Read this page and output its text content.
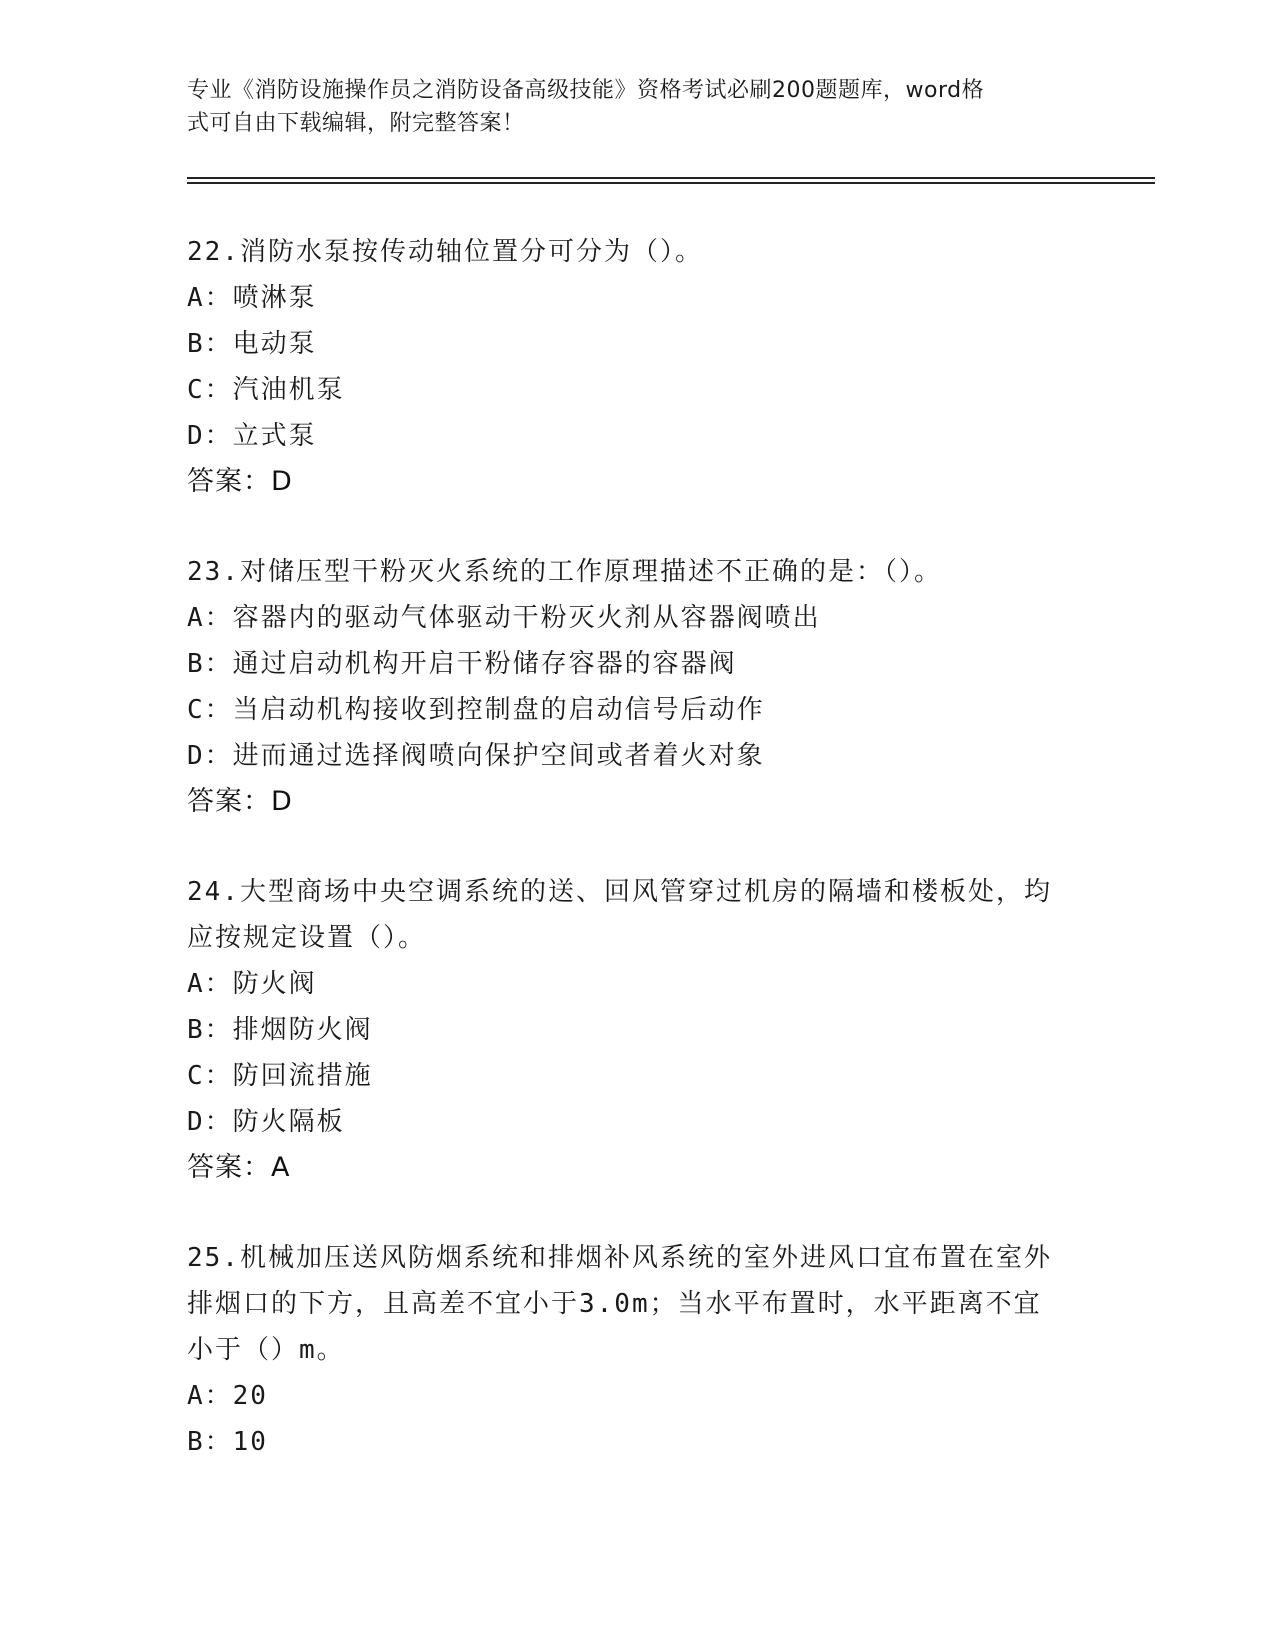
专业《消防设施操作员之消防设备高级技能》资格考试必刷200题题库，word格
式可自由下载编辑，附完整答案！

22.消防水泵按传动轴位置分可分为（）。

A：喷淋泵

B：电动泵

C：汽油机泵

D：立式泵

答案：D

23.对储压型干粉灭火系统的工作原理描述不正确的是：（）。

A：容器内的驱动气体驱动干粉灭火剂从容器阀喷出

B：通过启动机构开启干粉储存容器的容器阀

C：当启动机构接收到控制盘的启动信号后动作

D：进而通过选择阀喷向保护空间或者着火对象

答案：D

24.大型商场中央空调系统的送、回风管穿过机房的隔墙和楼板处，均
应按规定设置（）。

A：防火阀

B：排烟防火阀

C：防回流措施

D：防火隔板

答案：A

25.机械加压送风防烟系统和排烟补风系统的室外进风口宜布置在室外
排烟口的下方，且高差不宜小于3.0m；当水平布置时，水平距离不宜
小于（）m。

A：20

B：10
